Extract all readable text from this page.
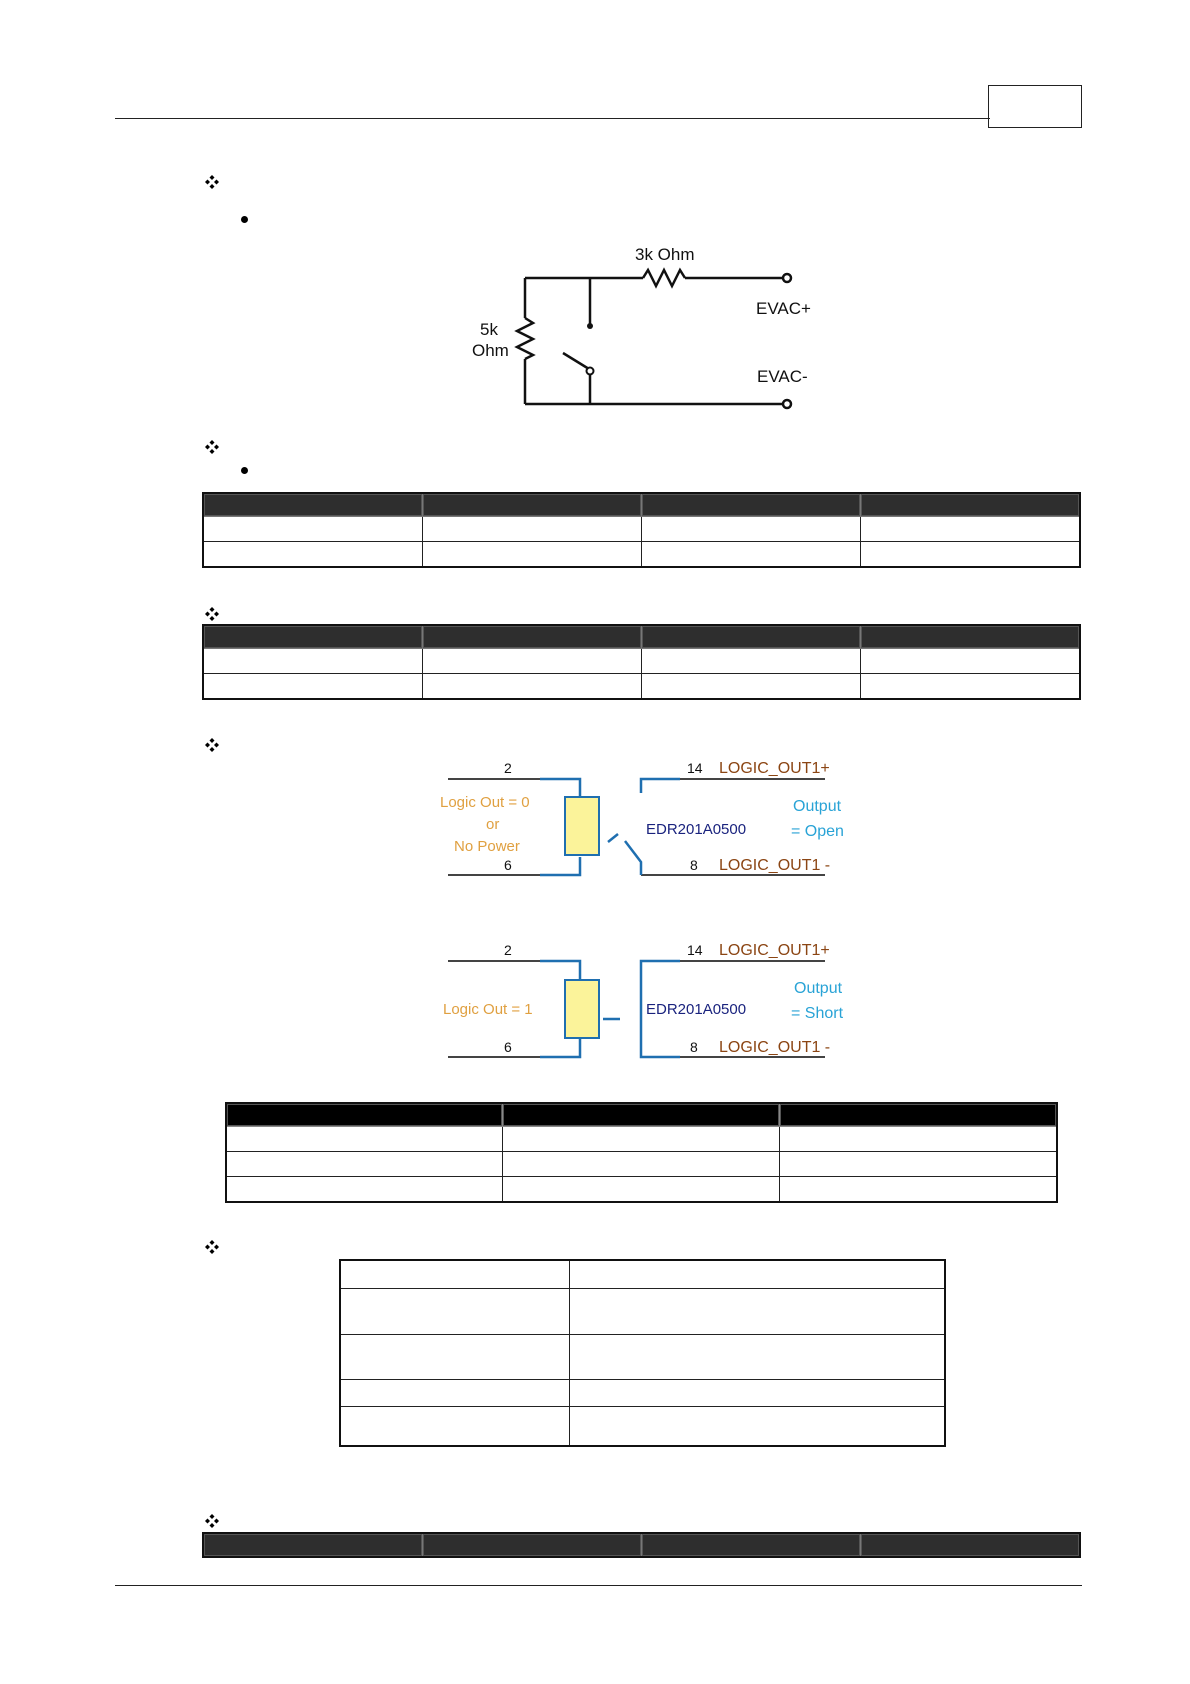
3k Ohm
5k
Ohm
EVAC+
EVAC-

2
6
Logic Out = 0
or
No Power
14
8
LOGIC_OUT1+
LOGIC_OUT1 -
EDR201A0500
Output
= Open
2
6
Logic Out = 1
14
8
LOGIC_OUT1+
LOGIC_OUT1 -
EDR201A0500
Output
= Short
